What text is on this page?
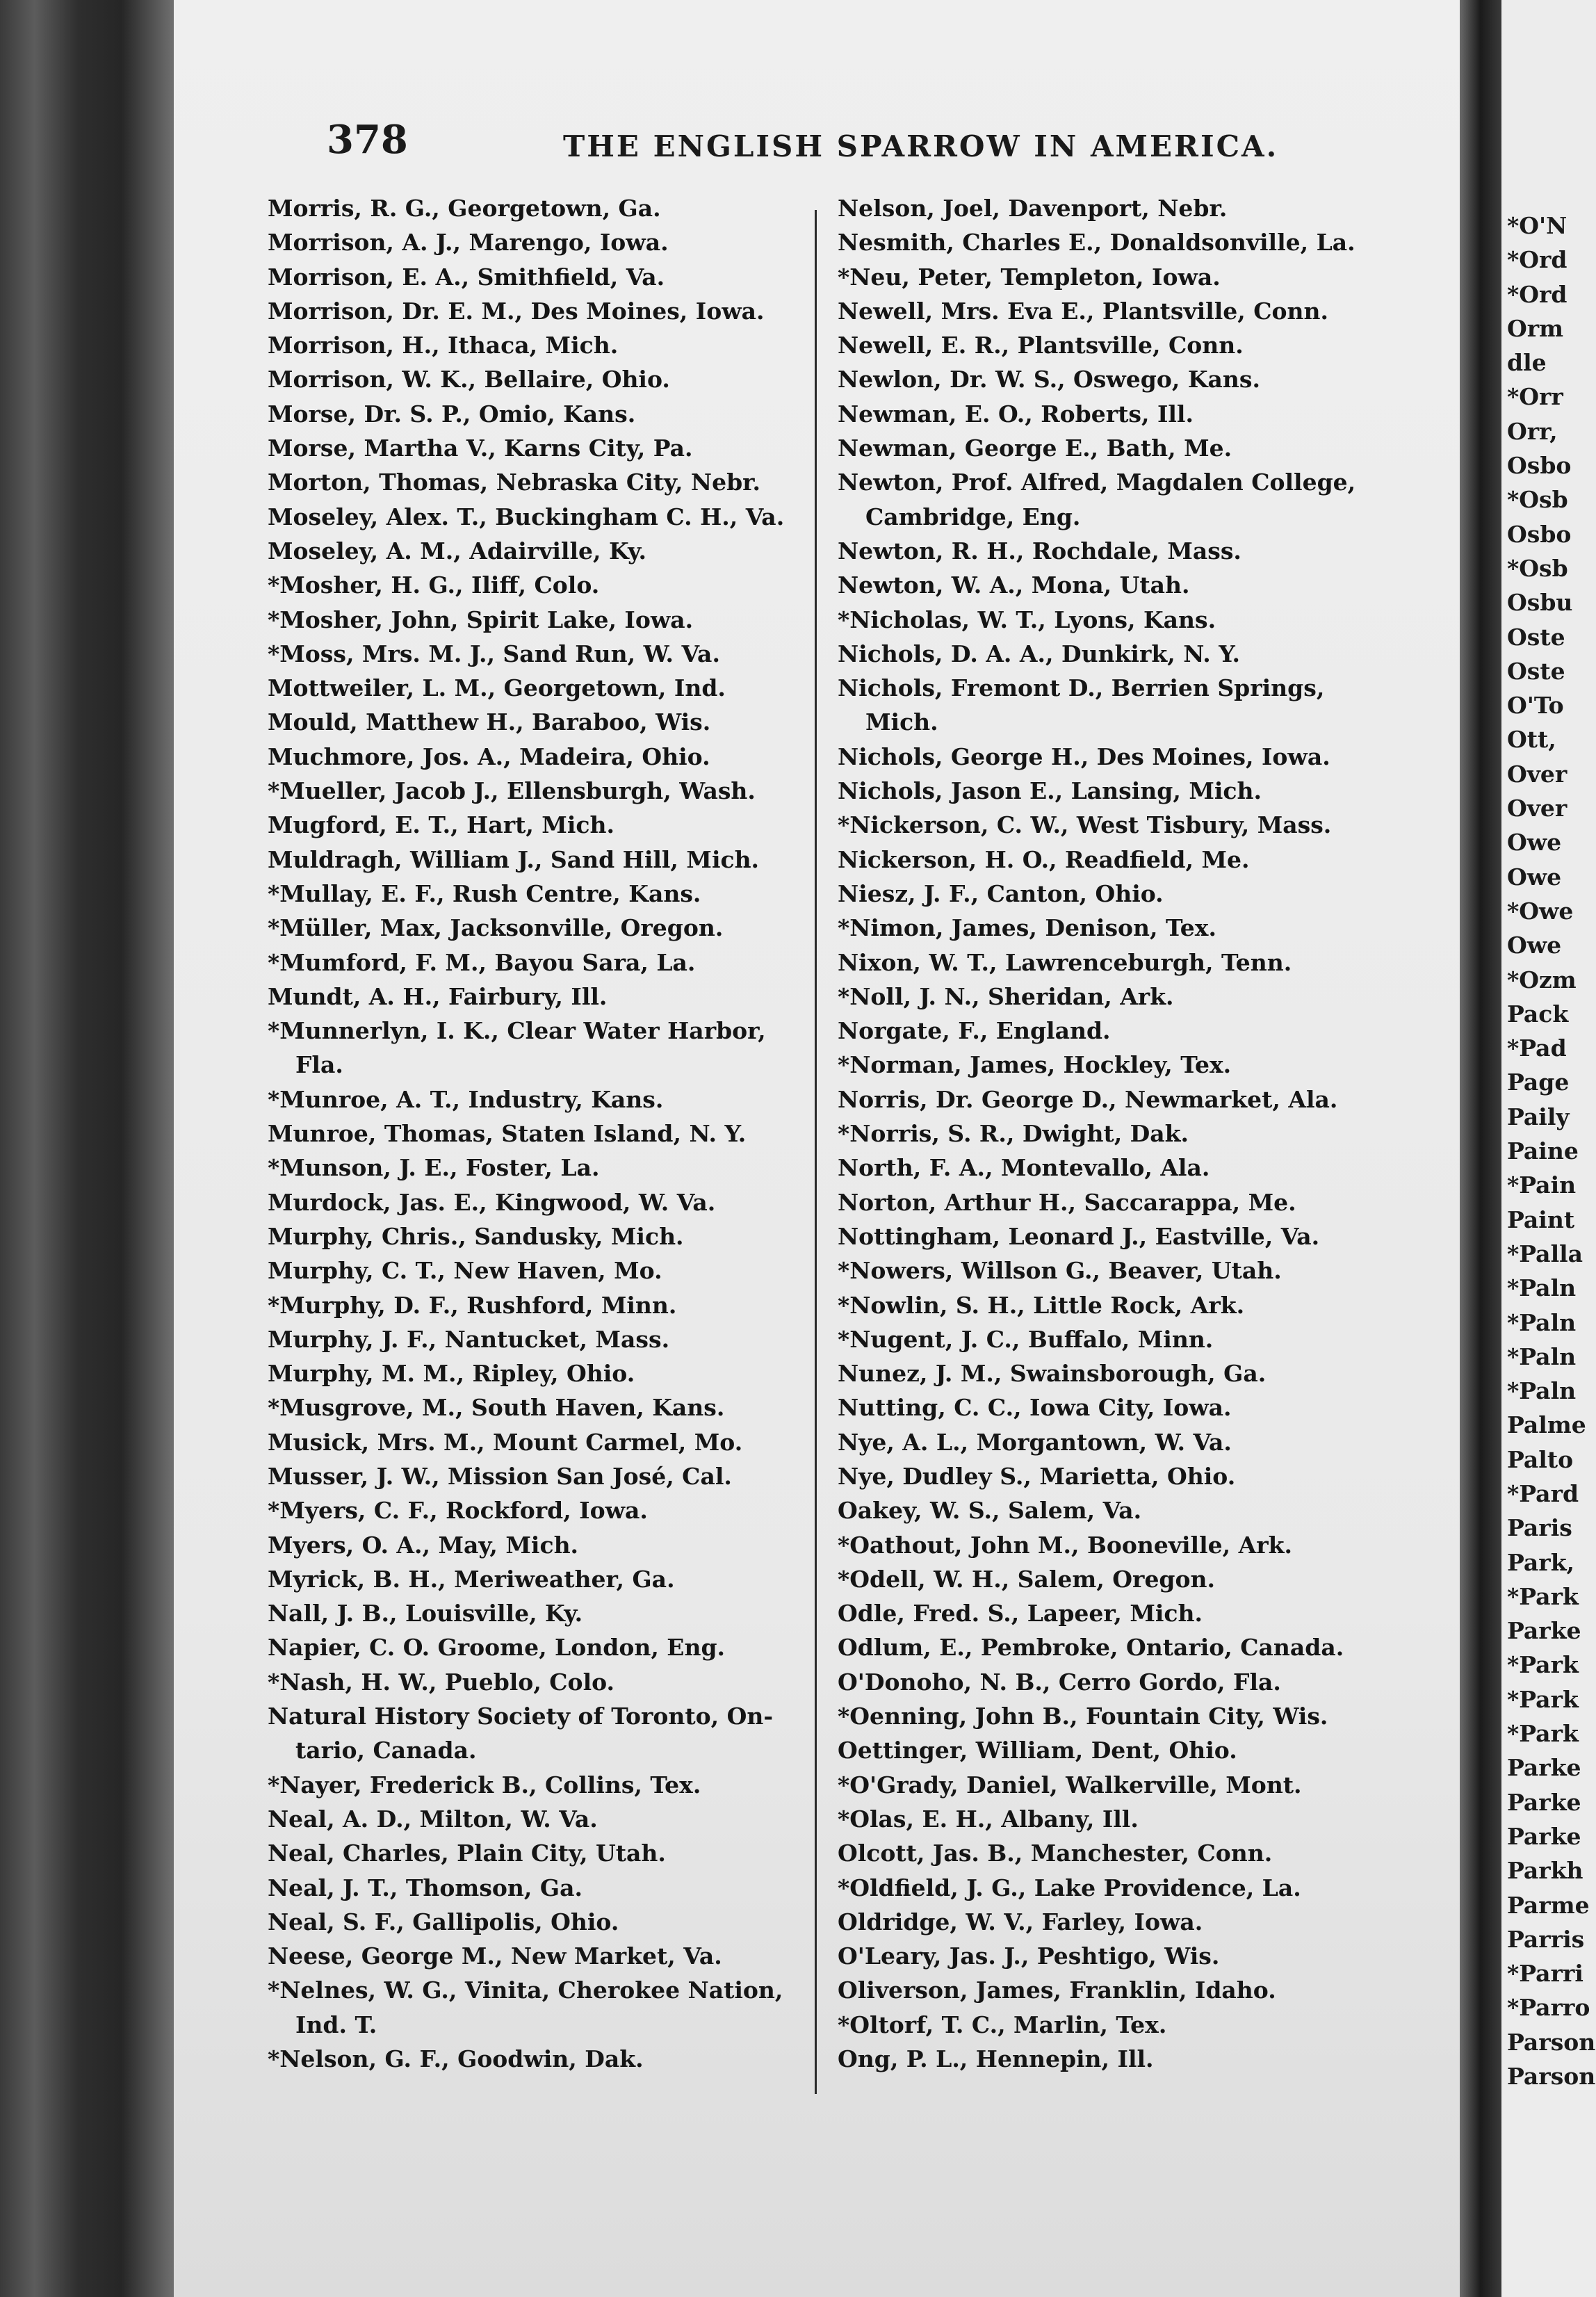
378	THE ENGLISH SPARROW IN AMERICA.
Morris, R. G., Georgetown, Ga.
Morrison, A. J., Marengo, Iowa.
Morrison, E. A., Smithfield, Va.
Morrison, Dr. E. M., Des Moines, Iowa.
Morrison, H., Ithaca, Mich.
Morrison, W. K., Bellaire, Ohio.
Morse, Dr. S. P., Omio, Kans.
Morse, Martha V., Karns City, Pa.
Morton, Thomas, Nebraska City, Nebr.
Moseley, Alex. T., Buckingham C. H., Va.
Moseley, A. M., Adairville, Ky.
*Mosher, H. G., Iliff, Colo.
*Mosher, John, Spirit Lake, Iowa.
*Moss, Mrs. M. J., Sand Run, W. Va.
Mottweiler, L. M., Georgetown, Ind.
Mould, Matthew H., Baraboo, Wis.
Muchmore, Jos. A., Madeira, Ohio.
*Mueller, Jacob J., Ellensburgh, Wash.
Mugford, E. T., Hart, Mich.
Muldragh, William J., Sand Hill, Mich.
*Mullay, E. F., Rush Centre, Kans.
*Müller, Max, Jacksonville, Oregon.
*Mumford, F. M., Bayou Sara, La.
Mundt, A. H., Fairbury, Ill.
*Munnerlyn, I. K., Clear Water Harbor,
Fla.
*Munroe, A. T., Industry, Kans.
Munroe, Thomas, Staten Island, N. Y.
*Munson, J. E., Foster, La.
Murdock, Jas. E., Kingwood, W. Va.
Murphy, Chris., Sandusky, Mich.
Murphy, C. T., New Haven, Mo.
*Murphy, D. F., Rushford, Minn.
Murphy, J. F., Nantucket, Mass.
Murphy, M. M., Ripley, Ohio.
*Musgrove, M., South Haven, Kans.
Musick, Mrs. M., Mount Carmel, Mo.
Musser, J. W., Mission San José, Cal.
*Myers, C. F., Rockford, Iowa.
Myers, O. A., May, Mich.
Myrick, B. H., Meriweather, Ga.
Nall, J. B., Louisville, Ky.
Napier, C. O. Groome, London, Eng.
*Nash, H. W., Pueblo, Colo.
Natural History Society of Toronto, On-
tario, Canada.
*Nayer, Frederick B., Collins, Tex.
Neal, A. D., Milton, W. Va.
Neal, Charles, Plain City, Utah.
Neal, J. T., Thomson, Ga.
Neal, S. F., Gallipolis, Ohio.
Neese, George M., New Market, Va.
*Nelnes, W. G., Vinita, Cherokee Nation,
Ind. T.
*Nelson, G. F., Goodwin, Dak.
Nelson, Joel, Davenport, Nebr.
Nesmith, Charles E., Donaldsonville, La.
*Neu, Peter, Templeton, Iowa.
Newell, Mrs. Eva E., Plantsville, Conn.
Newell, E. R., Plantsville, Conn.
Newlon, Dr. W. S., Oswego, Kans.
Newman, E. O., Roberts, Ill.
Newman, George E., Bath, Me.
Newton, Prof. Alfred, Magdalen College,
Cambridge, Eng.
Newton, R. H., Rochdale, Mass.
Newton, W. A., Mona, Utah.
*Nicholas, W. T., Lyons, Kans.
Nichols, D. A. A., Dunkirk, N. Y.
Nichols, Fremont D., Berrien Springs,
Mich.
Nichols, George H., Des Moines, Iowa.
Nichols, Jason E., Lansing, Mich.
*Nickerson, C. W., West Tisbury, Mass.
Nickerson, H. O., Readfield, Me.
Niesz, J. F., Canton, Ohio.
*Nimon, James, Denison, Tex.
Nixon, W. T., Lawrenceburgh, Tenn.
*Noll, J. N., Sheridan, Ark.
Norgate, F., England.
*Norman, James, Hockley, Tex.
Norris, Dr. George D., Newmarket, Ala.
*Norris, S. R., Dwight, Dak.
North, F. A., Montevallo, Ala.
Norton, Arthur H., Saccarappa, Me.
Nottingham, Leonard J., Eastville, Va.
*Nowers, Willson G., Beaver, Utah.
*Nowlin, S. H., Little Rock, Ark.
*Nugent, J. C., Buffalo, Minn.
Nunez, J. M., Swainsborough, Ga.
Nutting, C. C., Iowa City, Iowa.
Nye, A. L., Morgantown, W. Va.
Nye, Dudley S., Marietta, Ohio.
Oakey, W. S., Salem, Va.
*Oathout, John M., Booneville, Ark.
*Odell, W. H., Salem, Oregon.
Odle, Fred. S., Lapeer, Mich.
Odlum, E., Pembroke, Ontario, Canada.
O'Donoho, N. B., Cerro Gordo, Fla.
*Oenning, John B., Fountain City, Wis.
Oettinger, William, Dent, Ohio.
*O'Grady, Daniel, Walkerville, Mont.
*Olas, E. H., Albany, Ill.
Olcott, Jas. B., Manchester, Conn.
*Oldfield, J. G., Lake Providence, La.
Oldridge, W. V., Farley, Iowa.
O'Leary, Jas. J., Peshtigo, Wis.
Oliverson, James, Franklin, Idaho.
*Oltorf, T. C., Marlin, Tex.
Ong, P. L., Hennepin, Ill.
*O'N
*Ord
*Ord
Orm
dle
*Orr
Orr,
Osbo
*Osb
Osbo
*Osb
Osbu
Oste
Oste
O'To
Ott,
Over
Over
Owe
Owe
*Owe
Owe
*Ozm
Pack
*Pad
Page
Paily
Paine
*Pain
Paint
*Palla
*Paln
*Paln
*Paln
*Paln
Palme
Palto
*Pard
Paris
Park,
*Park
Parke
*Park
*Park
*Park
Parke
Parke
Parke
Parkh
Parme
Parris
*Parri
*Parro
Parson
Parson
